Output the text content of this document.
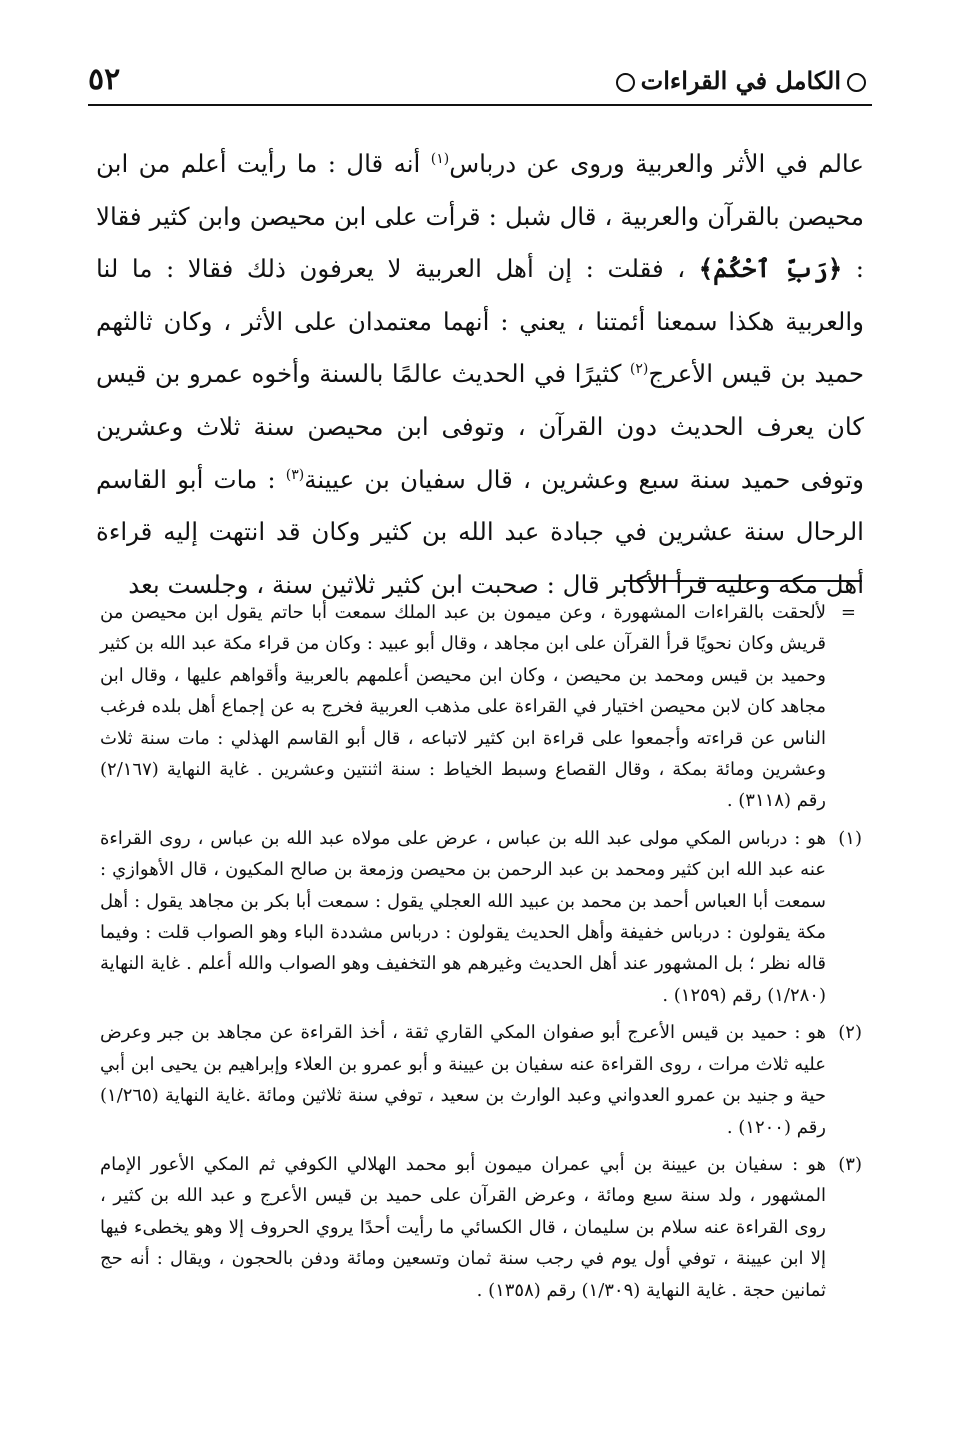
الكامل في القراءات
٥٢

عالم في الأثر والعربية وروى عن درباس$^{(١)}$ أنه قال : ما رأيت أعلم من ابن محيصن بالقرآن والعربية ، قال شبل : قرأت على ابن محيصن وابن كثير فقالا : ﴿رَبِّ ٱحْكُمْ﴾ ، فقلت : إن أهل العربية لا يعرفون ذلك فقالا : ما لنا والعربية هكذا سمعنا أئمتنا ، يعني : أنهما معتمدان على الأثر ، وكان ثالثهم حميد بن قيس الأعرج$^{(٢)}$ كثيرًا في الحديث عالمًا بالسنة وأخوه عمرو بن قيس كان يعرف الحديث دون القرآن ، وتوفى ابن محيصن سنة ثلاث وعشرين وتوفى حميد سنة سبع وعشرين ، قال سفيان بن عيينة$^{(٣)}$ : مات أبو القاسم الرحال سنة عشرين في جبادة عبد الله بن كثير وكان قد انتهت إليه قراءة أهل مكة وعليه قرأ الأكابر قال : صحبت ابن كثير ثلاثين سنة ، وجلست بعد

=
لألحقت بالقراءات المشهورة ، وعن ميمون بن عبد الملك سمعت أبا حاتم يقول ابن محيصن من قريش وكان نحويًا قرأ القرآن على ابن مجاهد ، وقال أبو عبيد : وكان من قراء مكة عبد الله بن كثير وحميد بن قيس ومحمد بن محيصن ، وكان ابن محيصن أعلمهم بالعربية وأقواهم عليها ، وقال ابن مجاهد كان لابن محيصن اختيار في القراءة على مذهب العربية فخرج به عن إجماع أهل بلده فرغب الناس عن قراءته وأجمعوا على قراءة ابن كثير لاتباعه ، قال أبو القاسم الهذلي : مات سنة ثلاث وعشرين ومائة بمكة ، وقال القصاع وسبط الخياط : سنة اثنتين وعشرين . غاية النهاية (٢/١٦٧) رقم (٣١١٨) .

(١)
هو : درباس المكي مولى عبد الله بن عباس ، عرض على مولاه عبد الله بن عباس ، روى القراءة عنه عبد الله ابن كثير ومحمد بن عبد الرحمن بن محيصن وزمعة بن صالح المكيون ، قال الأهوازي : سمعت أبا العباس أحمد بن محمد بن عبيد الله العجلي يقول : سمعت أبا بكر بن مجاهد يقول : أهل مكة يقولون : درباس خفيفة وأهل الحديث يقولون : درباس مشددة الباء وهو الصواب قلت : وفيما قاله نظر ؛ بل المشهور عند أهل الحديث وغيرهم هو التخفيف وهو الصواب والله أعلم . غاية النهاية (١/٢٨٠) رقم (١٢٥٩) .

(٢)
هو : حميد بن قيس الأعرج أبو صفوان المكي القاري ثقة ، أخذ القراءة عن مجاهد بن جبر وعرض عليه ثلاث مرات ، روى القراءة عنه سفيان بن عيينة و أبو عمرو بن العلاء وإبراهيم بن يحيى ابن أبي حية و جنيد بن عمرو العدواني وعبد الوارث بن سعيد ، توفي سنة ثلاثين ومائة .غاية النهاية (١/٢٦٥) رقم (١٢٠٠) .

(٣)
هو : سفيان بن عيينة بن أبي عمران ميمون أبو محمد الهلالي الكوفي ثم المكي الأعور الإمام المشهور ، ولد سنة سبع ومائة ، وعرض القرآن على حميد بن قيس الأعرج و عبد الله بن كثير ، روى القراءة عنه سلام بن سليمان ، قال الكسائي ما رأيت أحدًا يروي الحروف إلا وهو يخطىء فيها إلا ابن عيينة ، توفي أول يوم في رجب سنة ثمان وتسعين ومائة ودفن بالحجون ، ويقال : أنه حج ثمانين حجة . غاية النهاية (١/٣٠٩) رقم (١٣٥٨) .
